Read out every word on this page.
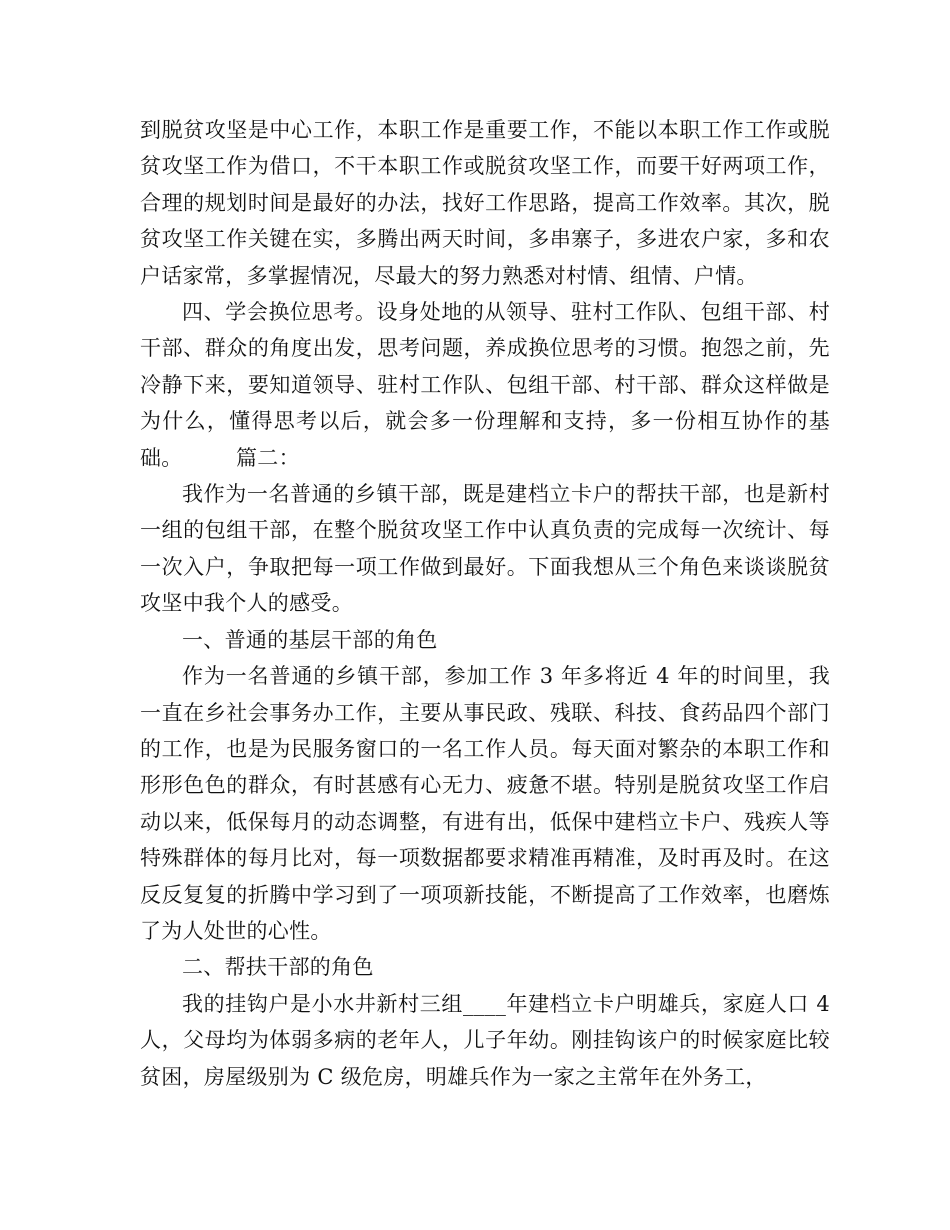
到脱贫攻坚是中心工作，本职工作是重要工作，不能以本职工作工作或脱贫攻坚工作为借口，不干本职工作或脱贫攻坚工作，而要干好两项工作，合理的规划时间是最好的办法，找好工作思路，提高工作效率。其次，脱贫攻坚工作关键在实，多腾出两天时间，多串寨子，多进农户家，多和农户话家常，多掌握情况，尽最大的努力熟悉对村情、组情、户情。

四、学会换位思考。设身处地的从领导、驻村工作队、包组干部、村干部、群众的角度出发，思考问题，养成换位思考的习惯。抱怨之前，先冷静下来，要知道领导、驻村工作队、包组干部、村干部、群众这样做是为什么，懂得思考以后，就会多一份理解和支持，多一份相互协作的基础。　　　篇二：

我作为一名普通的乡镇干部，既是建档立卡户的帮扶干部，也是新村一组的包组干部，在整个脱贫攻坚工作中认真负责的完成每一次统计、每一次入户，争取把每一项工作做到最好。下面我想从三个角色来谈谈脱贫攻坚中我个人的感受。

一、普通的基层干部的角色

作为一名普通的乡镇干部，参加工作 3 年多将近 4 年的时间里，我一直在乡社会事务办工作，主要从事民政、残联、科技、食药品四个部门的工作，也是为民服务窗口的一名工作人员。每天面对繁杂的本职工作和形形色色的群众，有时甚感有心无力、疲惫不堪。特别是脱贫攻坚工作启动以来，低保每月的动态调整，有进有出，低保中建档立卡户、残疾人等特殊群体的每月比对，每一项数据都要求精准再精准，及时再及时。在这反反复复的折腾中学习到了一项项新技能，不断提高了工作效率，也磨炼了为人处世的心性。

二、帮扶干部的角色

我的挂钩户是小水井新村三组____年建档立卡户明雄兵，家庭人口 4 人，父母均为体弱多病的老年人，儿子年幼。刚挂钩该户的时候家庭比较贫困，房屋级别为 C 级危房，明雄兵作为一家之主常年在外务工，
